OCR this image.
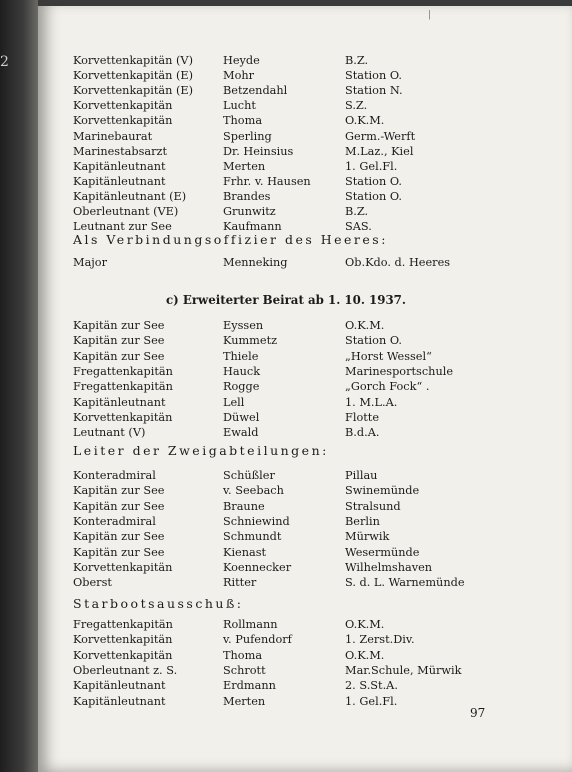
2
|
Korvettenkapitän (V)	Heyde	B.Z.
Korvettenkapitän (E)	Mohr	Station O.
Korvettenkapitän (E)	Betzendahl	Station N.
Korvettenkapitän	Lucht	S.Z.
Korvettenkapitän	Thoma	O.K.M.
Marinebaurat	Sperling	Germ.-Werft
Marinestabsarzt	Dr. Heinsius	M.Laz., Kiel
Kapitänleutnant	Merten	1. Gel.Fl.
Kapitänleutnant	Frhr. v. Hausen	Station O.
Kapitänleutnant (E)	Brandes	Station O.
Oberleutnant (VE)	Grunwitz	B.Z.
Leutnant zur See	Kaufmann	SAS.
Als Verbindungsoffizier des Heeres:
Major	Menneking	Ob.Kdo. d. Heeres
c) Erweiterter Beirat ab 1. 10. 1937.
Kapitän zur See	Eyssen	O.K.M.
Kapitän zur See	Kummetz	Station O.
Kapitän zur See	Thiele	„Horst Wessel“
Fregattenkapitän	Hauck	Marinesportschule
Fregattenkapitän	Rogge	„Gorch Fock“ .
Kapitänleutnant	Lell	1. M.L.A.
Korvettenkapitän	Düwel	Flotte
Leutnant (V)	Ewald	B.d.A.
Leiter der Zweigabteilungen:
Konteradmiral	Schüßler	Pillau
Kapitän zur See	v. Seebach	Swinemünde
Kapitän zur See	Braune	Stralsund
Konteradmiral	Schniewind	Berlin
Kapitän zur See	Schmundt	Mürwik
Kapitän zur See	Kienast	Wesermünde
Korvettenkapitän	Koennecker	Wilhelmshaven
Oberst	Ritter	S. d. L. Warnemünde
Starbootsausschuß:
Fregattenkapitän	Rollmann	O.K.M.
Korvettenkapitän	v. Pufendorf	1. Zerst.Div.
Korvettenkapitän	Thoma	O.K.M.
Oberleutnant z. S.	Schrott	Mar.Schule, Mürwik
Kapitänleutnant	Erdmann	2. S.St.A.
Kapitänleutnant	Merten	1. Gel.Fl.
97
